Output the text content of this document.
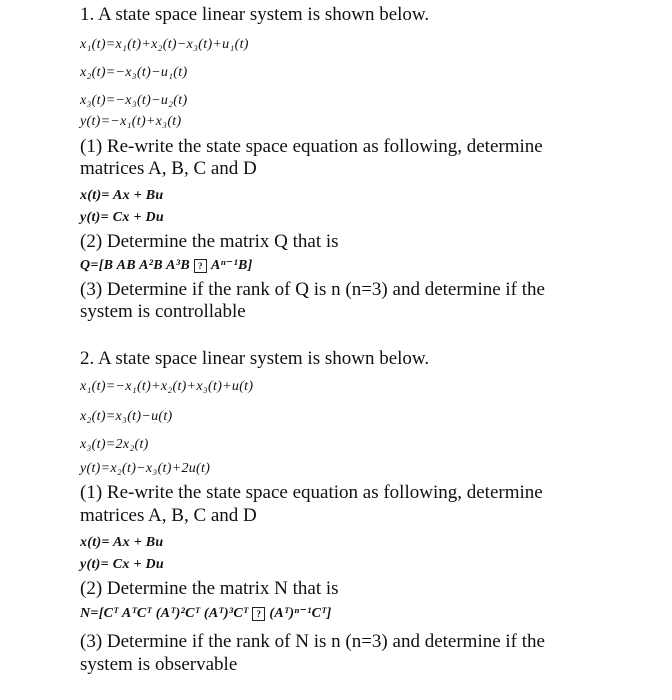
1. A state space linear system is shown below.
x₁(t)=x₁(t)+x₂(t)−x₃(t)+u₁(t)
x₂(t)=−x₃(t)−u₁(t)
x₃(t)=−x₃(t)−u₂(t)
y(t)=−x₁(t)+x₃(t)
(1) Re-write the state space equation as following, determine
matrices A, B, C and D
x(t)= Ax + Bu
y(t)= Cx + Du
(2) Determine the matrix Q that is
Q=[B AB A²B A³B ? Aⁿ⁻¹B]
(3) Determine if the rank of Q is n (n=3) and determine if the
system is controllable
2. A state space linear system is shown below.
x₁(t)=−x₁(t)+x₂(t)+x₃(t)+u(t)
x₂(t)=x₃(t)−u(t)
x₃(t)=2x₂(t)
y(t)=x₂(t)−x₃(t)+2u(t)
(1) Re-write the state space equation as following, determine
matrices A, B, C and D
x(t)= Ax + Bu
y(t)= Cx + Du
(2) Determine the matrix N that is
N=[Cᵀ AᵀCᵀ (Aᵀ)²Cᵀ (Aᵀ)³Cᵀ ? (Aᵀ)ⁿ⁻¹Cᵀ]
(3) Determine if the rank of N is n (n=3) and determine if the
system is observable
